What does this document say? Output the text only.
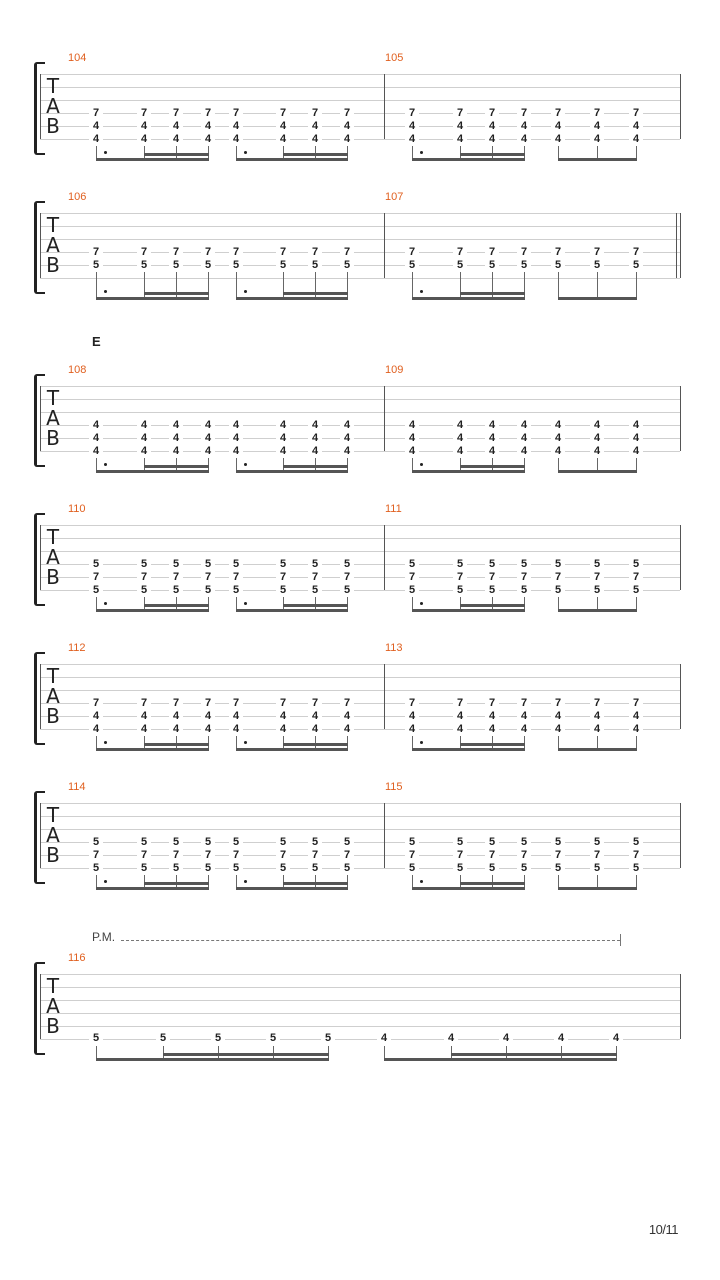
T
A
B
104
7
4
4
7
4
4
7
4
4
7
4
4
7
4
4
7
4
4
7
4
4
7
4
4
105
7
4
4
7
4
4
7
4
4
7
4
4
7
4
4
7
4
4
7
4
4
T
A
B
106
7
5
7
5
7
5
7
5
7
5
7
5
7
5
7
5
107
7
5
7
5
7
5
7
5
7
5
7
5
7
5
T
A
B
E
108
4
4
4
4
4
4
4
4
4
4
4
4
4
4
4
4
4
4
4
4
4
4
4
4
109
4
4
4
4
4
4
4
4
4
4
4
4
4
4
4
4
4
4
4
4
4
T
A
B
110
5
7
5
5
7
5
5
7
5
5
7
5
5
7
5
5
7
5
5
7
5
5
7
5
111
5
7
5
5
7
5
5
7
5
5
7
5
5
7
5
5
7
5
5
7
5
T
A
B
112
7
4
4
7
4
4
7
4
4
7
4
4
7
4
4
7
4
4
7
4
4
7
4
4
113
7
4
4
7
4
4
7
4
4
7
4
4
7
4
4
7
4
4
7
4
4
T
A
B
114
5
7
5
5
7
5
5
7
5
5
7
5
5
7
5
5
7
5
5
7
5
5
7
5
115
5
7
5
5
7
5
5
7
5
5
7
5
5
7
5
5
7
5
5
7
5
T
A
B
P.M.
116
5	5	5	5	5	4	4	4	4	4
10/11
